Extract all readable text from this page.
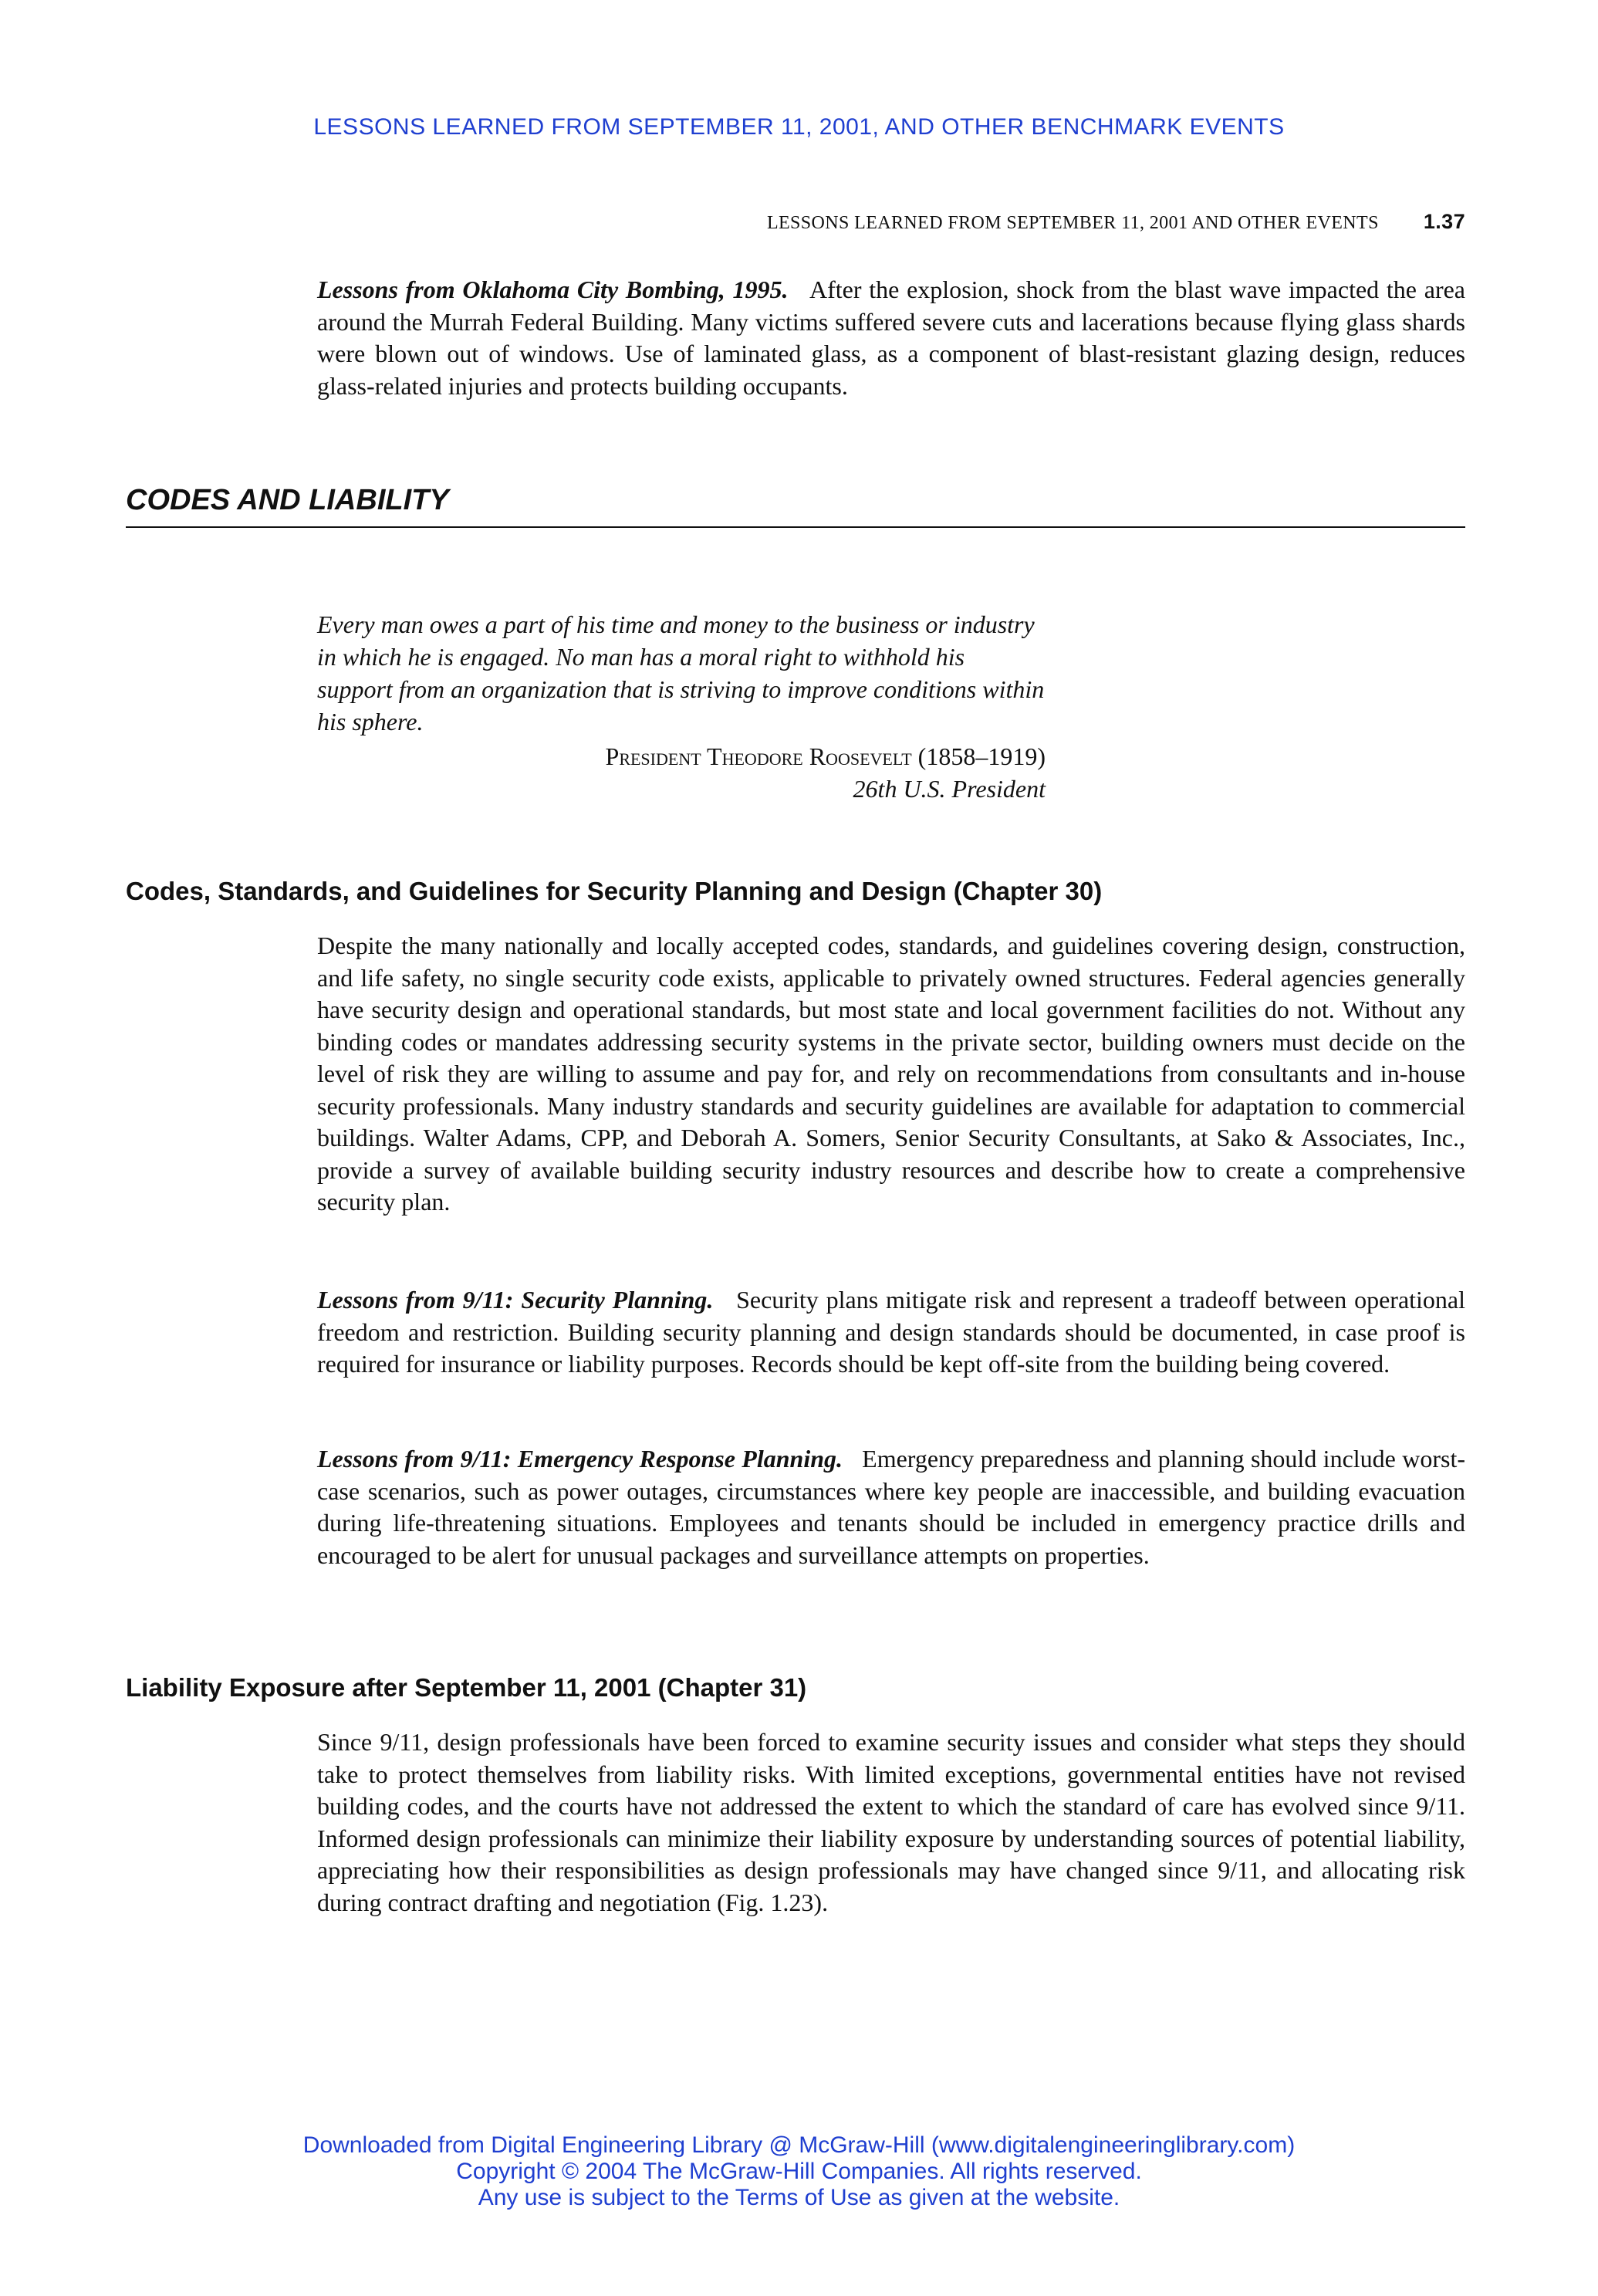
LESSONS LEARNED FROM SEPTEMBER 11, 2001, AND OTHER BENCHMARK EVENTS
LESSONS LEARNED FROM SEPTEMBER 11, 2001 AND OTHER EVENTS 1.37

Lessons from Oklahoma City Bombing, 1995. After the explosion, shock from the blast wave impacted the area around the Murrah Federal Building. Many victims suffered severe cuts and lacerations because flying glass shards were blown out of windows. Use of laminated glass, as a component of blast-resistant glazing design, reduces glass-related injuries and protects building occupants.

CODES AND LIABILITY
Every man owes a part of his time and money to the business or industry in which he is engaged. No man has a moral right to withhold his support from an organization that is striving to improve conditions within his sphere.
President Theodore Roosevelt (1858–1919)
26th U.S. President
Codes, Standards, and Guidelines for Security Planning and Design (Chapter 30)

Despite the many nationally and locally accepted codes, standards, and guidelines covering design, construction, and life safety, no single security code exists, applicable to privately owned structures. Federal agencies generally have security design and operational standards, but most state and local government facilities do not. Without any binding codes or mandates addressing security systems in the private sector, building owners must decide on the level of risk they are willing to assume and pay for, and rely on recommendations from consultants and in-house security professionals. Many industry standards and security guidelines are available for adaptation to commercial buildings. Walter Adams, CPP, and Deborah A. Somers, Senior Security Consultants, at Sako & Associates, Inc., provide a survey of available building security industry resources and describe how to create a comprehensive security plan.

Lessons from 9/11: Security Planning. Security plans mitigate risk and represent a tradeoff between operational freedom and restriction. Building security planning and design standards should be documented, in case proof is required for insurance or liability purposes. Records should be kept off-site from the building being covered.

Lessons from 9/11: Emergency Response Planning. Emergency preparedness and planning should include worst-case scenarios, such as power outages, circumstances where key people are inaccessible, and building evacuation during life-threatening situations. Employees and tenants should be included in emergency practice drills and encouraged to be alert for unusual packages and surveillance attempts on properties.

Liability Exposure after September 11, 2001 (Chapter 31)

Since 9/11, design professionals have been forced to examine security issues and consider what steps they should take to protect themselves from liability risks. With limited exceptions, governmental entities have not revised building codes, and the courts have not addressed the extent to which the standard of care has evolved since 9/11. Informed design professionals can minimize their liability exposure by understanding sources of potential liability, appreciating how their responsibilities as design professionals may have changed since 9/11, and allocating risk during contract drafting and negotiation (Fig. 1.23).

Downloaded from Digital Engineering Library @ McGraw-Hill (www.digitalengineeringlibrary.com)
Copyright © 2004 The McGraw-Hill Companies. All rights reserved.
Any use is subject to the Terms of Use as given at the website.
